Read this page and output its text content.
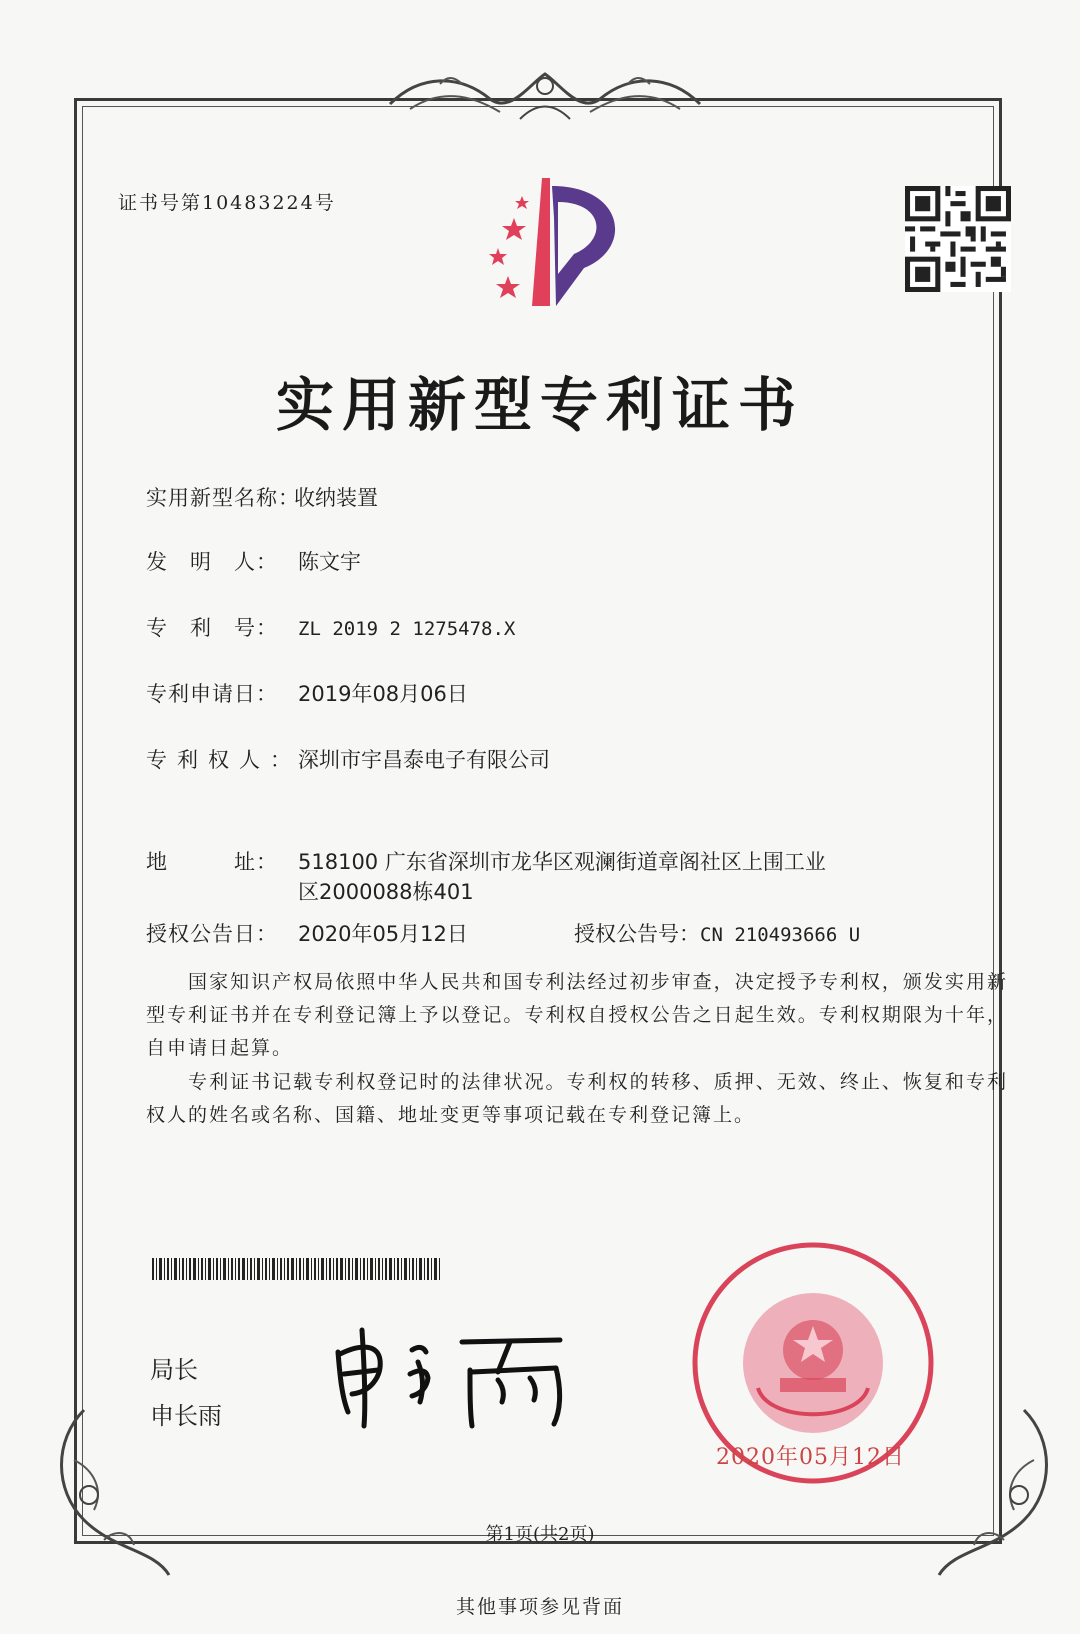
证书号第10483224号
实用新型专利证书
实用新型名称：收纳装置
发　明　人： 陈文宇
专　利　号： ZL 2019 2 1275478.X
专利申请日： 2019年08月06日
专利权人：深圳市宇昌泰电子有限公司
地　　　址： 518100 广东省深圳市龙华区观澜街道章阁社区上围工业
区2000088栋401
授权公告日： 2020年05月12日	授权公告号：CN 210493666 U
　　国家知识产权局依照中华人民共和国专利法经过初步审查，决定授予专利权，颁发实用新型专利证书并在专利登记簿上予以登记。专利权自授权公告之日起生效。专利权期限为十年，自申请日起算。
　　专利证书记载专利权登记时的法律状况。专利权的转移、质押、无效、终止、恢复和专利权人的姓名或名称、国籍、地址变更等事项记载在专利登记簿上。
局长
申长雨
2020年05月12日
第1页(共2页)
其他事项参见背面
